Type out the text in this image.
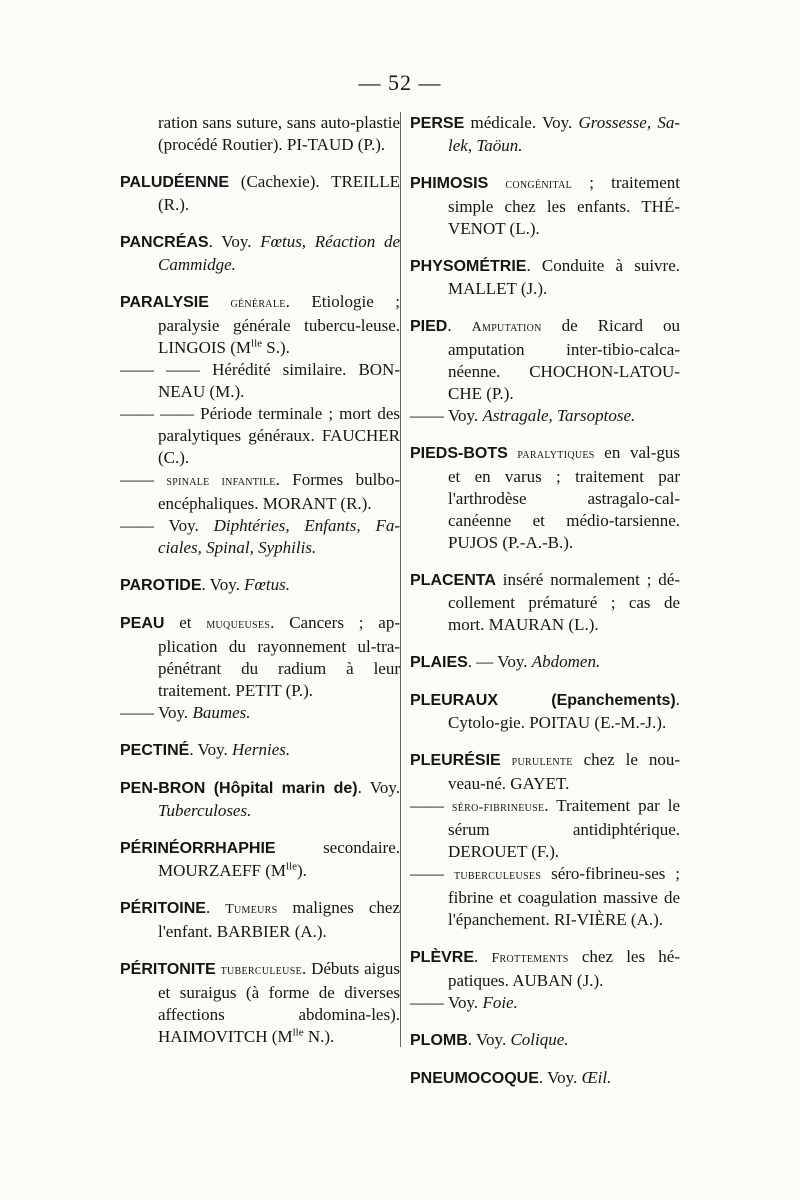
— 52 —
ration sans suture, sans auto-plastie (procédé Routier). PI-TAUD (P.).
PALUDÉENNE (Cachexie). TREILLE (R.).
PANCRÉAS. Voy. Fœtus, Réaction de Cammidge.
PARALYSIE générale. Etiologie ; paralysie générale tubercu-leuse. LINGOIS ($M^{lle}$ S.).
—— —— Hérédité similaire. BON-NEAU (M.).
—— —— Période terminale ; mort des paralytiques généraux. FAUCHER (C.).
—— spinale infantile. Formes bulbo-encéphaliques. MORANT (R.).
—— Voy. Diphtéries, Enfants, Fa-ciales, Spinal, Syphilis.
PAROTIDE. Voy. Fœtus.
PEAU et muqueuses. Cancers ; ap-plication du rayonnement ul-tra-pénétrant du radium à leur traitement. PETIT (P.).
—— Voy. Baumes.
PECTINÉ. Voy. Hernies.
PEN-BRON (Hôpital marin de). Voy. Tuberculoses.
PÉRINÉORRHAPHIE secondaire. MOURZAEFF $(M^{lle})$.
PÉRITOINE. Tumeurs malignes chez l'enfant. BARBIER (A.).
PÉRITONITE tuberculeuse. Débuts aigus et suraigus (à forme de diverses affections abdomina-les). HAIMOVITCH ($M^{lle}$ N.).
PERSE médicale. Voy. Grossesse, Sa-lek, Taöun.
PHIMOSIS congénital ; traitement simple chez les enfants. THÉ-VENOT (L.).
PHYSOMÉTRIE. Conduite à suivre. MALLET (J.).
PIED. Amputation de Ricard ou amputation inter-tibio-calca-néenne. CHOCHON-LATOU-CHE (P.).
—— Voy. Astragale, Tarsoptose.
PIEDS-BOTS paralytiques en val-gus et en varus ; traitement par l'arthrodèse astragalo-cal-canéenne et médio-tarsienne. PUJOS (P.-A.-B.).
PLACENTA inséré normalement ; dé-collement prématuré ; cas de mort. MAURAN (L.).
PLAIES. — Voy. Abdomen.
PLEURAUX (Epanchements). Cytolo-gie. POITAU (E.-M.-J.).
PLEURÉSIE purulente chez le nou-veau-né. GAYET.
—— séro-fibrineuse. Traitement par le sérum antidiphtérique. DEROUET (F.).
—— tuberculeuses séro-fibrineu-ses ; fibrine et coagulation massive de l'épanchement. RI-VIÈRE (A.).
PLÈVRE. Frottements chez les hé-patiques. AUBAN (J.).
—— Voy. Foie.
PLOMB. Voy. Colique.
PNEUMOCOQUE. Voy. Œil.
